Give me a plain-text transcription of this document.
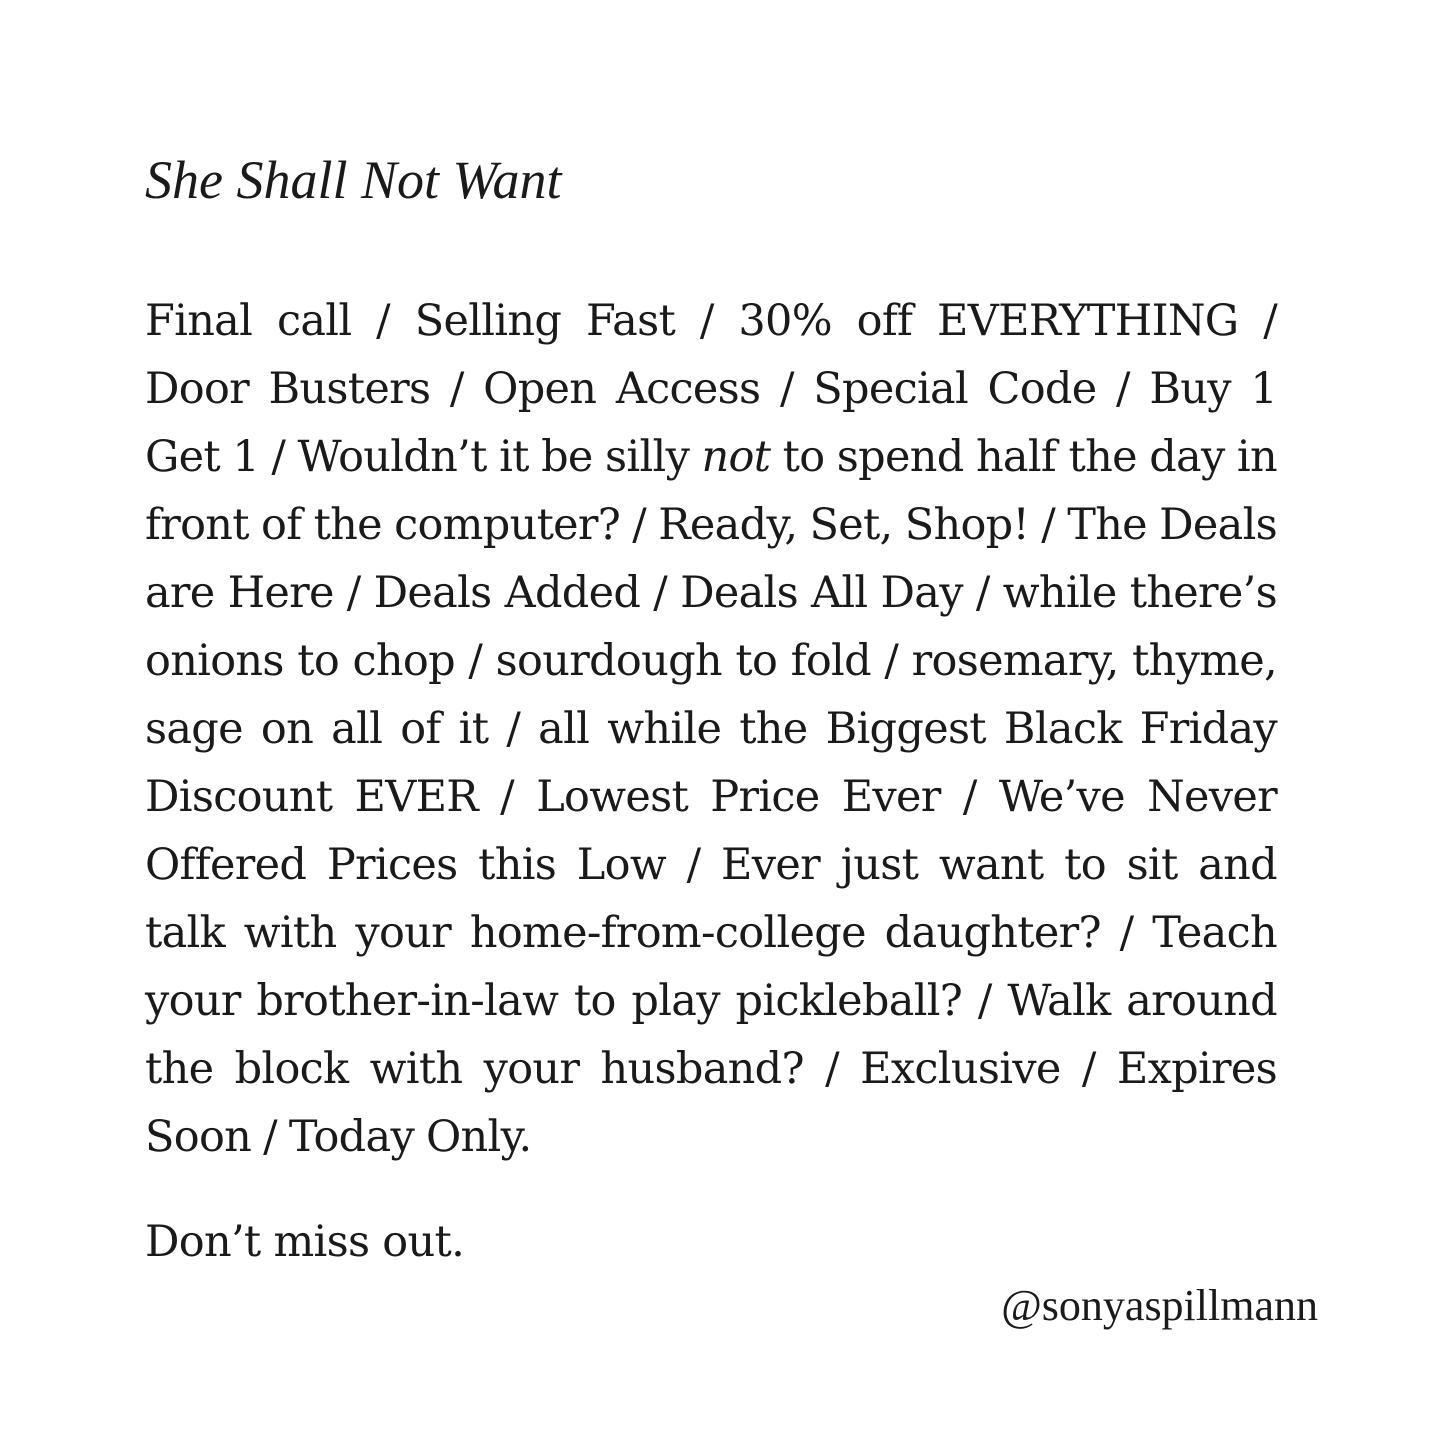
She Shall Not Want

Final call / Selling Fast / 30% off EVERYTHING / Door Busters / Open Access / Special Code / Buy 1 Get 1 / Wouldn’t it be silly not to spend half the day in front of the computer? / Ready, Set, Shop! / The Deals are Here / Deals Added / Deals All Day / while there’s onions to chop / sourdough to fold / rosemary, thyme, sage on all of it / all while the Biggest Black Friday Discount EVER / Lowest Price Ever / We’ve Never Offered Prices this Low / Ever just want to sit and talk with your home-from-college daughter? / Teach your brother-in-law to play pickleball? / Walk around the block with your husband? / Exclusive / Expires Soon / Today Only.

Don’t miss out.

@sonyaspillmann
